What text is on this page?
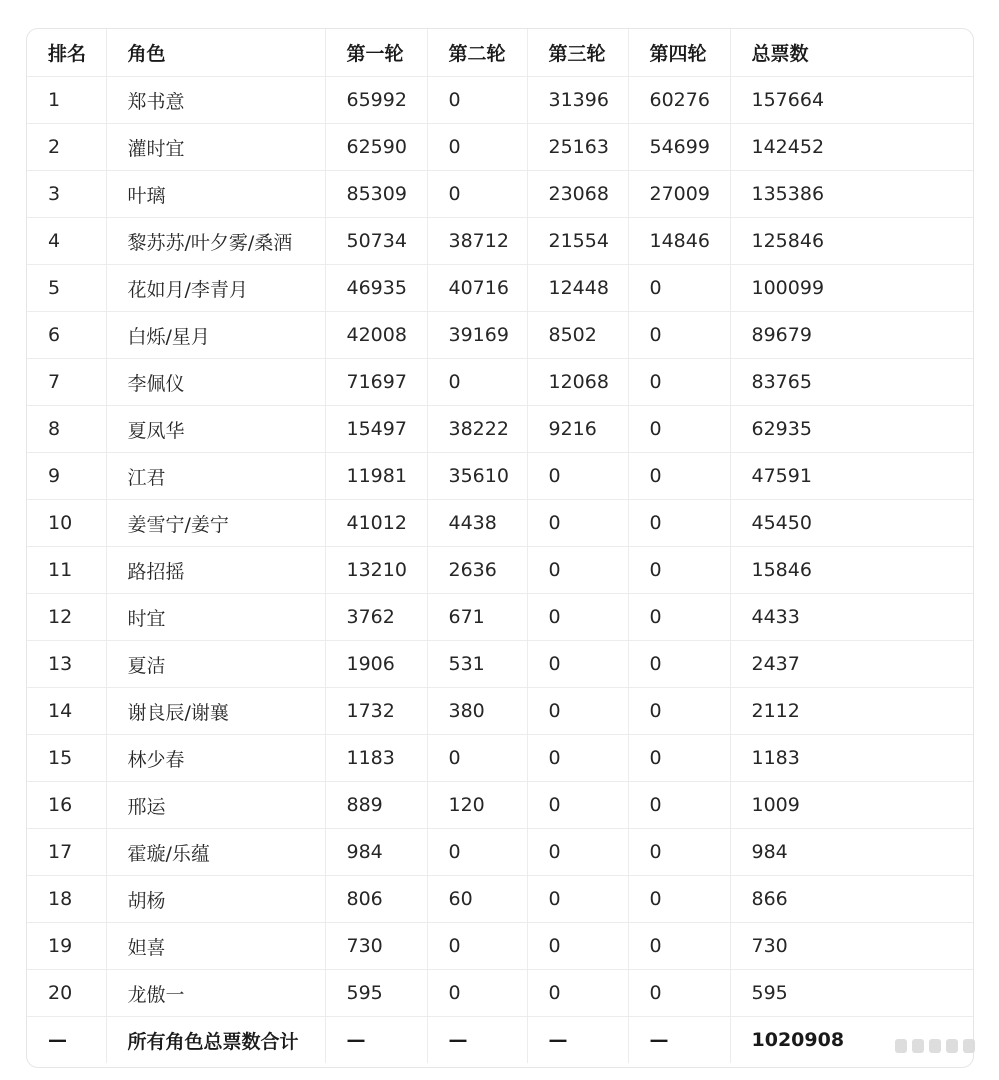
排名	角色	第一轮	第二轮	第三轮	第四轮	总票数
1	郑书意	65992	0	31396	60276	157664
2	灌时宜	62590	0	25163	54699	142452
3	叶璃	85309	0	23068	27009	135386
4	黎苏苏/叶夕雾/桑酒	50734	38712	21554	14846	125846
5	花如月/李青月	46935	40716	12448	0	100099
6	白烁/星月	42008	39169	8502	0	89679
7	李佩仪	71697	0	12068	0	83765
8	夏凤华	15497	38222	9216	0	62935
9	江君	11981	35610	0	0	47591
10	姜雪宁/姜宁	41012	4438	0	0	45450
11	路招摇	13210	2636	0	0	15846
12	时宜	3762	671	0	0	4433
13	夏洁	1906	531	0	0	2437
14	谢良辰/谢襄	1732	380	0	0	2112
15	林少春	1183	0	0	0	1183
16	邢运	889	120	0	0	1009
17	霍璇/乐蕴	984	0	0	0	984
18	胡杨	806	60	0	0	866
19	妲喜	730	0	0	0	730
20	龙傲一	595	0	0	0	595
—	所有角色总票数合计	—	—	—	—	1020908
